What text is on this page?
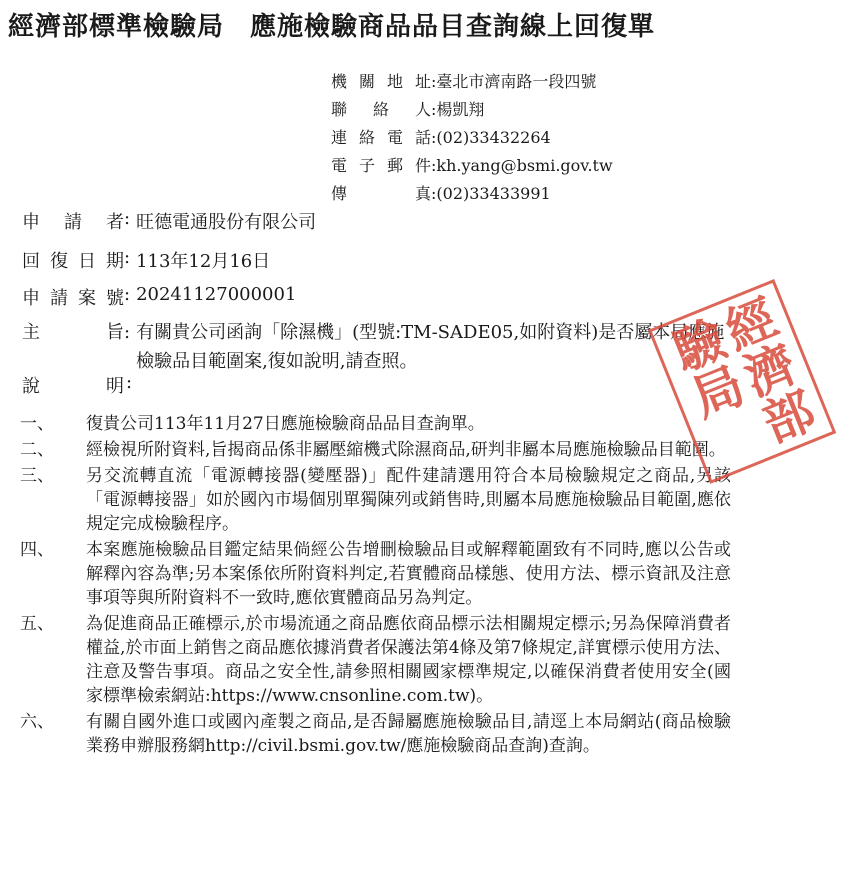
經濟部標準檢驗局 應施檢驗商品品目查詢線上回復單
機 關 地 址 : 臺北市濟南路一段四號
聯 絡 人 : 楊凱翔
連 絡 電 話 : (02)33432264
電 子 郵 件 : kh.yang@bsmi.gov.tw
傳	真 : (02)33433991
申 請 者 : 旺德電通股份有限公司
回 復 日 期 : 113年12月16日
申 請 案 號 : 20241127000001
主	旨 : 有關貴公司函詢「除濕機」(型號:TM-SADE05,如附資料)是否屬本局應施檢驗品目範圍案,復如說明,請查照。
說	明 :
一、	復貴公司113年11月27日應施檢驗商品品目查詢單。
二、	經檢視所附資料,旨揭商品係非屬壓縮機式除濕商品,研判非屬本局應施檢驗品目範圍。
三、	另交流轉直流「電源轉接器(變壓器)」配件建請選用符合本局檢驗規定之商品,另該「電源轉接器」如於國內市場個別單獨陳列或銷售時,則屬本局應施檢驗品目範圍,應依規定完成檢驗程序。
四、	本案應施檢驗品目鑑定結果倘經公告增刪檢驗品目或解釋範圍致有不同時,應以公告或解釋內容為準;另本案係依所附資料判定,若實體商品樣態、使用方法、標示資訊及注意事項等與所附資料不一致時,應依實體商品另為判定。
五、	為促進商品正確標示,於市場流通之商品應依商品標示法相關規定標示;另為保障消費者權益,於市面上銷售之商品應依據消費者保護法第4條及第7條規定,詳實標示使用方法、注意及警告事項。商品之安全性,請參照相關國家標準規定,以確保消費者使用安全(國家標準檢索網站:https://www.cnsonline.com.tw)。
六、	有關自國外進口或國內產製之商品,是否歸屬應施檢驗品目,請逕上本局網站(商品檢驗業務申辦服務網http://civil.bsmi.gov.tw/應施檢驗商品查詢)查詢。
經
濟
部
驗
局
